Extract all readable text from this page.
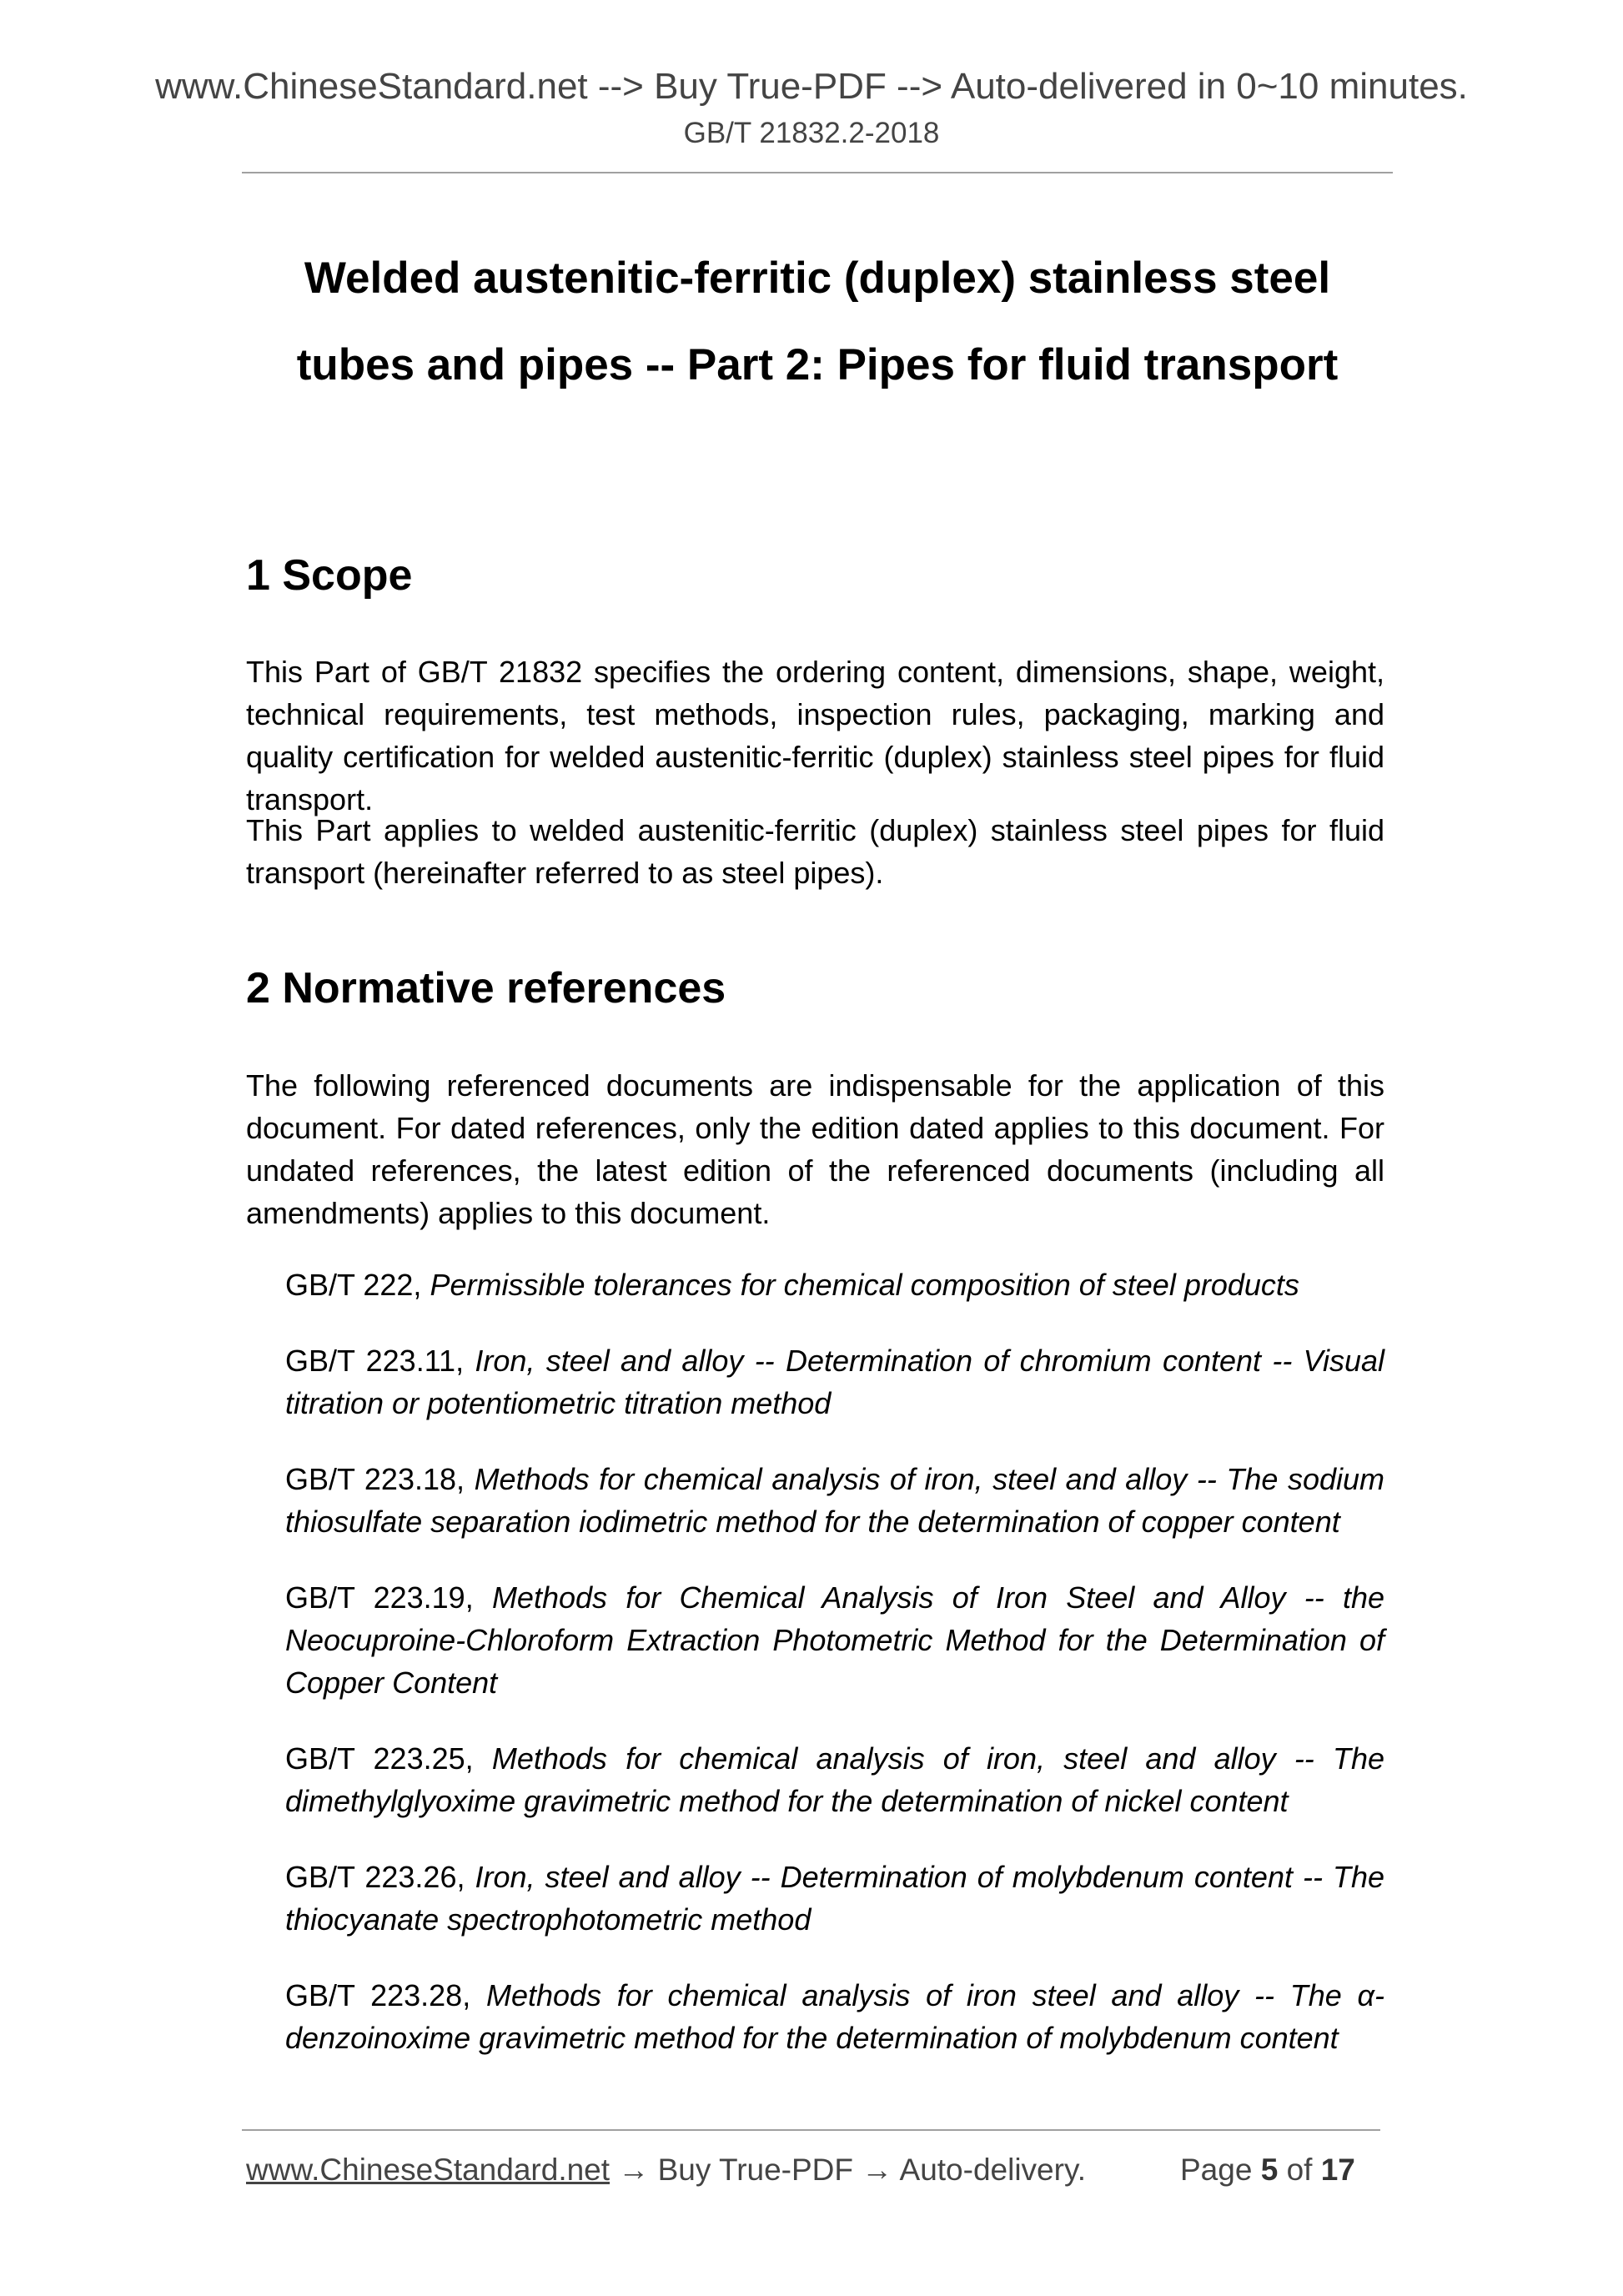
www.ChineseStandard.net --> Buy True-PDF --> Auto-delivered in 0~10 minutes.
GB/T 21832.2-2018
Welded austenitic-ferritic (duplex) stainless steel
tubes and pipes -- Part 2: Pipes for fluid transport
1 Scope

This Part of GB/T 21832 specifies the ordering content, dimensions, shape, weight, technical requirements, test methods, inspection rules, packaging, marking and quality certification for welded austenitic-ferritic (duplex) stainless steel pipes for fluid transport.

This Part applies to welded austenitic-ferritic (duplex) stainless steel pipes for fluid transport (hereinafter referred to as steel pipes).

2 Normative references

The following referenced documents are indispensable for the application of this document. For dated references, only the edition dated applies to this document. For undated references, the latest edition of the referenced documents (including all amendments) applies to this document.

GB/T 222, Permissible tolerances for chemical composition of steel products

GB/T 223.11, Iron, steel and alloy -- Determination of chromium content -- Visual titration or potentiometric titration method

GB/T 223.18, Methods for chemical analysis of iron, steel and alloy -- The sodium thiosulfate separation iodimetric method for the determination of copper content

GB/T 223.19, Methods for Chemical Analysis of Iron Steel and Alloy -- the Neocuproine-Chloroform Extraction Photometric Method for the Determination of Copper Content

GB/T 223.25, Methods for chemical analysis of iron, steel and alloy -- The dimethylglyoxime gravimetric method for the determination of nickel content

GB/T 223.26, Iron, steel and alloy -- Determination of molybdenum content -- The thiocyanate spectrophotometric method

GB/T 223.28, Methods for chemical analysis of iron steel and alloy -- The α-denzoinoxime gravimetric method for the determination of molybdenum content

www.ChineseStandard.net → Buy True-PDF → Auto-delivery.	Page 5 of 17
